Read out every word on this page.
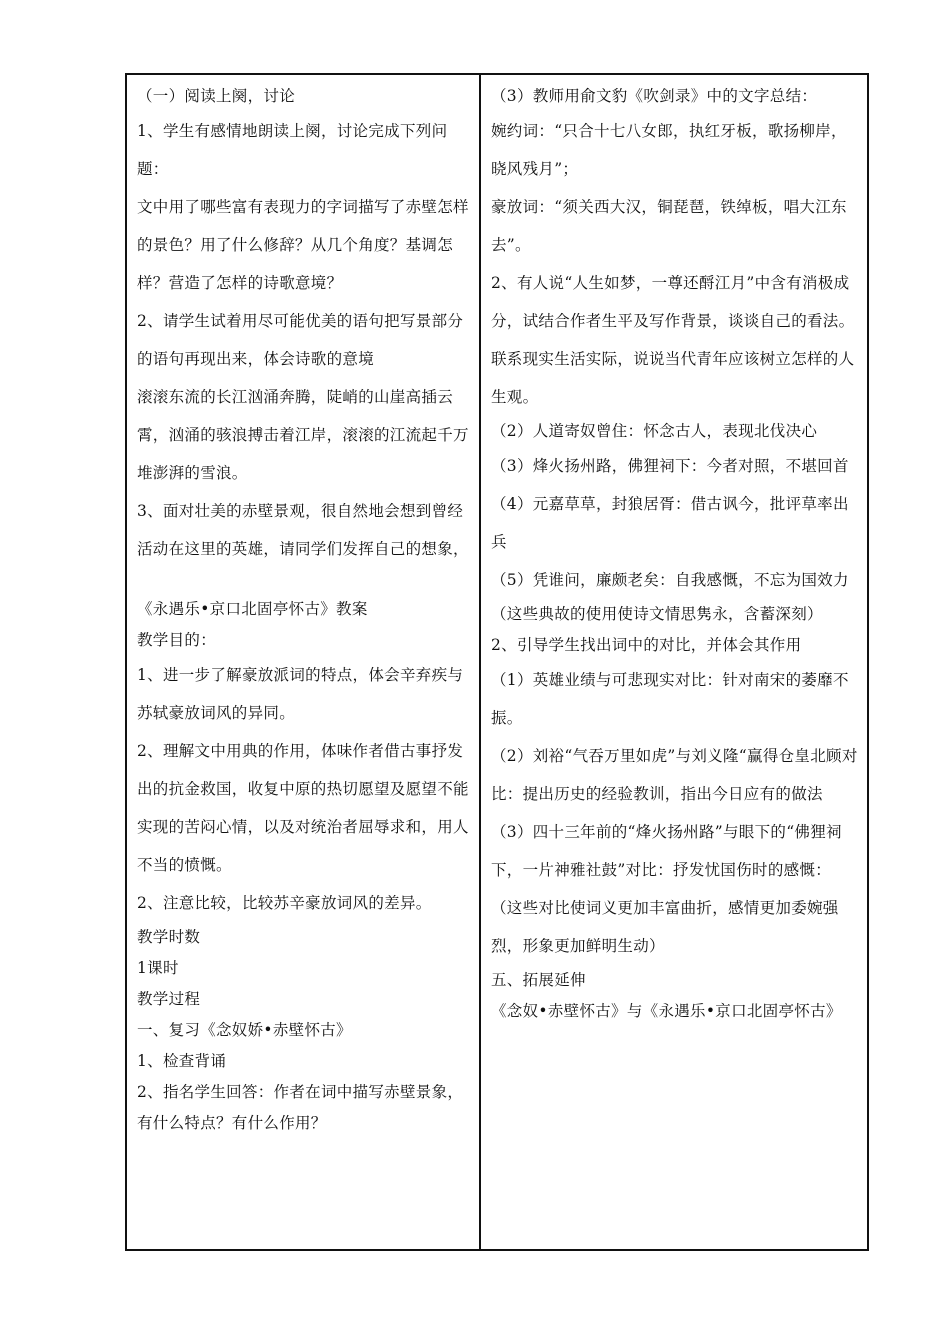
（一）阅读上阕，讨论

1、学生有感情地朗读上阕，讨论完成下列问题：

文中用了哪些富有表现力的字词描写了赤壁怎样的景色？用了什么修辞？从几个角度？基调怎样？营造了怎样的诗歌意境？

2、请学生试着用尽可能优美的语句把写景部分的语句再现出来，体会诗歌的意境

滚滚东流的长江汹涌奔腾，陡峭的山崖高插云霄，汹涌的骇浪搏击着江岸，滚滚的江流起千万堆澎湃的雪浪。

3、面对壮美的赤壁景观，很自然地会想到曾经活动在这里的英雄，请同学们发挥自己的想象，

《永遇乐•京口北固亭怀古》教案

教学目的：

1、进一步了解豪放派词的特点，体会辛弃疾与苏轼豪放词风的异同。

2、理解文中用典的作用，体味作者借古事抒发出的抗金救国，收复中原的热切愿望及愿望不能实现的苦闷心情，以及对统治者屈辱求和，用人不当的愤慨。

2、注意比较，比较苏辛豪放词风的差异。

教学时数

1课时

教学过程

一、复习《念奴娇•赤壁怀古》

1、检查背诵

2、指名学生回答：作者在词中描写赤壁景象，有什么特点？有什么作用？

（3）教师用俞文豹《吹剑录》中的文字总结：

婉约词：“只合十七八女郎，执红牙板，歌扬柳岸，晓风残月”；

豪放词：“须关西大汉，铜琵琶，铁绰板，唱大江东去”。

2、有人说“人生如梦，一尊还酹江月”中含有消极成分，试结合作者生平及写作背景，谈谈自己的看法。联系现实生活实际，说说当代青年应该树立怎样的人生观。

（2）人道寄奴曾住：怀念古人，表现北伐决心

（3）烽火扬州路，佛狸祠下：今者对照，不堪回首

（4）元嘉草草，封狼居胥：借古讽今，批评草率出兵

（5）凭谁问，廉颇老矣：自我感慨，不忘为国效力

（这些典故的使用使诗文情思隽永，含蓄深刻）

2、引导学生找出词中的对比，并体会其作用

（1）英雄业绩与可悲现实对比：针对南宋的萎靡不振。

（2）刘裕“气吞万里如虎”与刘义隆“赢得仓皇北顾对比：提出历史的经验教训，指出今日应有的做法

（3）四十三年前的“烽火扬州路”与眼下的“佛狸祠下，一片神雅社鼓”对比：抒发忧国伤时的感慨：

（这些对比使词义更加丰富曲折，感情更加委婉强烈，形象更加鲜明生动）

五、拓展延伸

《念奴•赤壁怀古》与《永遇乐•京口北固亭怀古》
